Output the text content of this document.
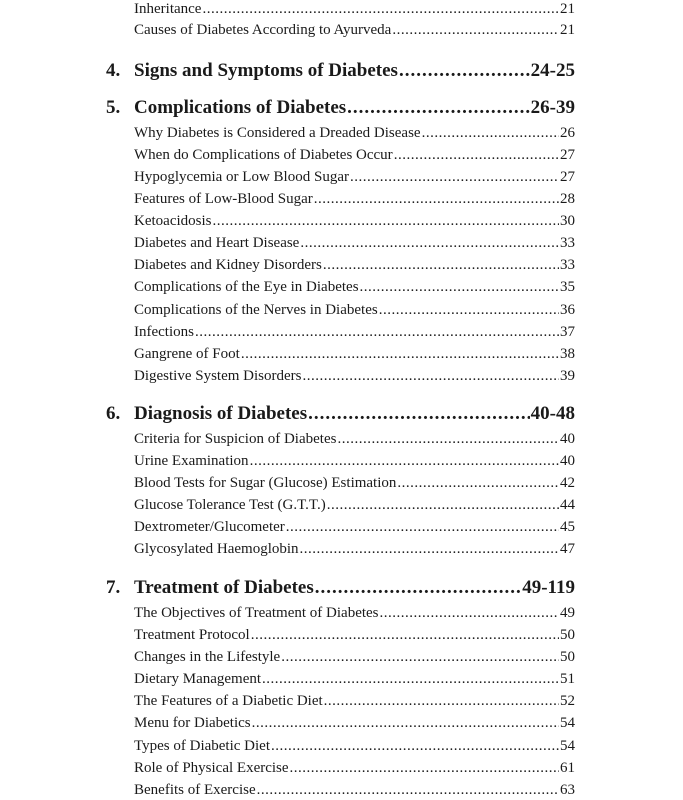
Inheritance .....	21
Causes of Diabetes According to Ayurveda .....	21
4. Signs and Symptoms of Diabetes .....	24-25
5. Complications of Diabetes .....	26-39
Why Diabetes is Considered a Dreaded Disease .....	26
When do Complications of Diabetes Occur .....	27
Hypoglycemia or Low Blood Sugar .....	27
Features of Low-Blood Sugar .....	28
Ketoacidosis .....	30
Diabetes and Heart Disease .....	33
Diabetes and Kidney Disorders .....	33
Complications of the Eye in Diabetes .....	35
Complications of the Nerves in Diabetes .....	36
Infections .....	37
Gangrene of Foot .....	38
Digestive System Disorders .....	39
6. Diagnosis of Diabetes .....	40-48
Criteria for Suspicion of Diabetes .....	40
Urine Examination .....	40
Blood Tests for Sugar (Glucose) Estimation .....	42
Glucose Tolerance Test (G.T.T.) .....	44
Dextrometer/Glucometer .....	45
Glycosylated Haemoglobin .....	47
7. Treatment of Diabetes .....	49-119
The Objectives of Treatment of Diabetes .....	49
Treatment Protocol .....	50
Changes in the Lifestyle .....	50
Dietary Management .....	51
The Features of a Diabetic Diet .....	52
Menu for Diabetics .....	54
Types of Diabetic Diet .....	54
Role of Physical Exercise .....	61
Benefits of Exercise .....	63
